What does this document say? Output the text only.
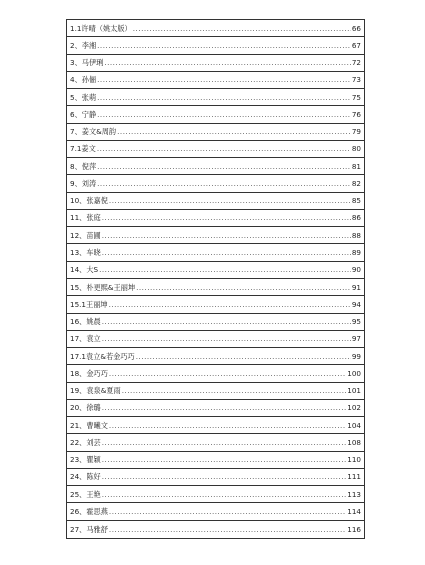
1.1许晴（姚太版） .....	66
2、李湘 .....	67
3、马伊琍 .....	72
4、孙俪 .....	73
5、张萌 .....	75
6、宁静 .....	76
7、姜文&周韵 .....	79
7.1姜文 .....	80
8、倪萍 .....	81
9、刘涛 .....	82
10、张嘉倪 .....	85
11、张庭 .....	86
12、苗圃 .....	88
13、车晓 .....	89
14、大S .....	90
15、朴更熙&王丽坤 .....	91
15.1王丽坤 .....	94
16、姚晨 .....	95
17、袁立 .....	97
17.1袁立&若金巧巧 .....	99
18、金巧巧 .....	100
19、袁泉&夏雨 .....	101
20、徐璐 .....	102
21、曹曦文 .....	104
22、刘芸 .....	108
23、瞿颖 .....	110
24、陈好 .....	111
25、王艳 .....	113
26、霍思燕 .....	114
27、马雅舒 .....	116
